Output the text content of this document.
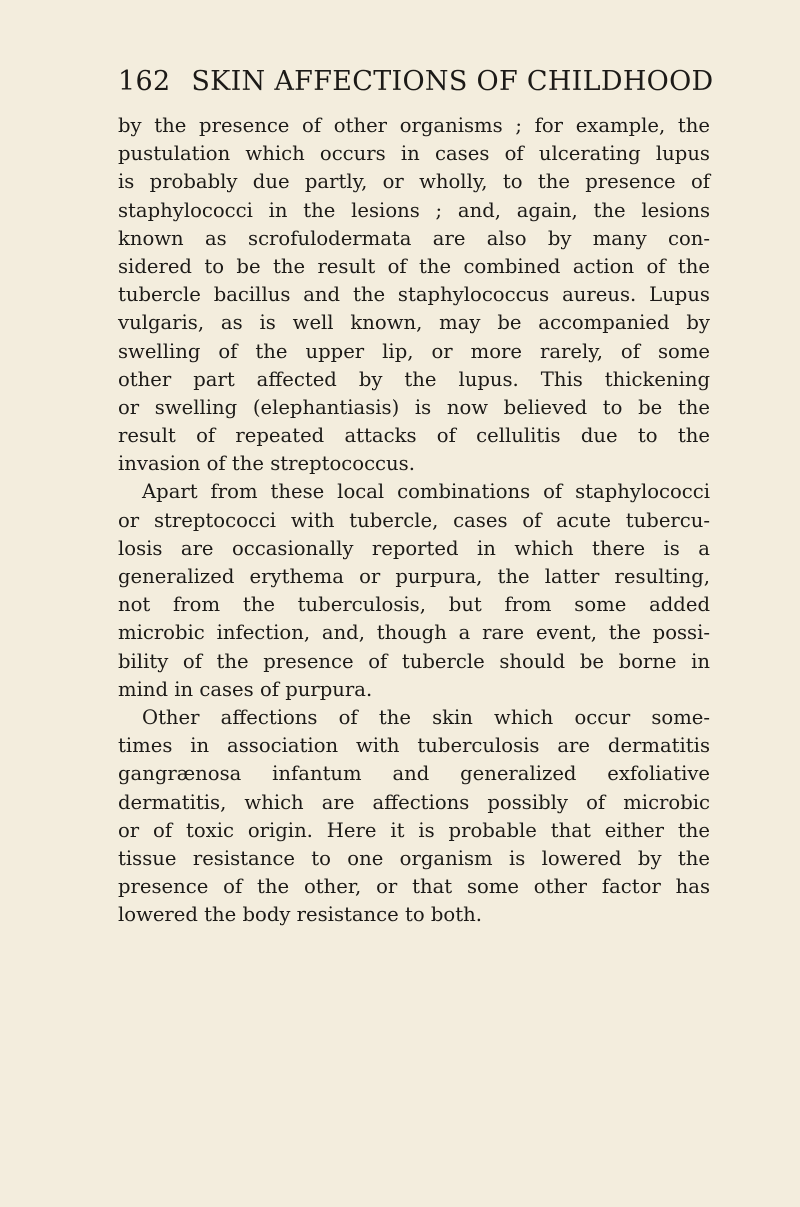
162 SKIN AFFECTIONS OF CHILDHOOD
by the presence of other organisms ; for example, the
pustulation which occurs in cases of ulcerating lupus
is probably due partly, or wholly, to the presence of
staphylococci in the lesions ; and, again, the lesions
known as scrofulodermata are also by many con-
sidered to be the result of the combined action of the
tubercle bacillus and the staphylococcus aureus. Lupus
vulgaris, as is well known, may be accompanied by
swelling of the upper lip, or more rarely, of some
other part affected by the lupus. This thickening
or swelling (elephantiasis) is now believed to be the
result of repeated attacks of cellulitis due to the
invasion of the streptococcus.
Apart from these local combinations of staphylococci
or streptococci with tubercle, cases of acute tubercu-
losis are occasionally reported in which there is a
generalized erythema or purpura, the latter resulting,
not from the tuberculosis, but from some added
microbic infection, and, though a rare event, the possi-
bility of the presence of tubercle should be borne in
mind in cases of purpura.
Other affections of the skin which occur some-
times in association with tuberculosis are dermatitis
gangrænosa infantum and generalized exfoliative
dermatitis, which are affections possibly of microbic
or of toxic origin. Here it is probable that either the
tissue resistance to one organism is lowered by the
presence of the other, or that some other factor has
lowered the body resistance to both.
